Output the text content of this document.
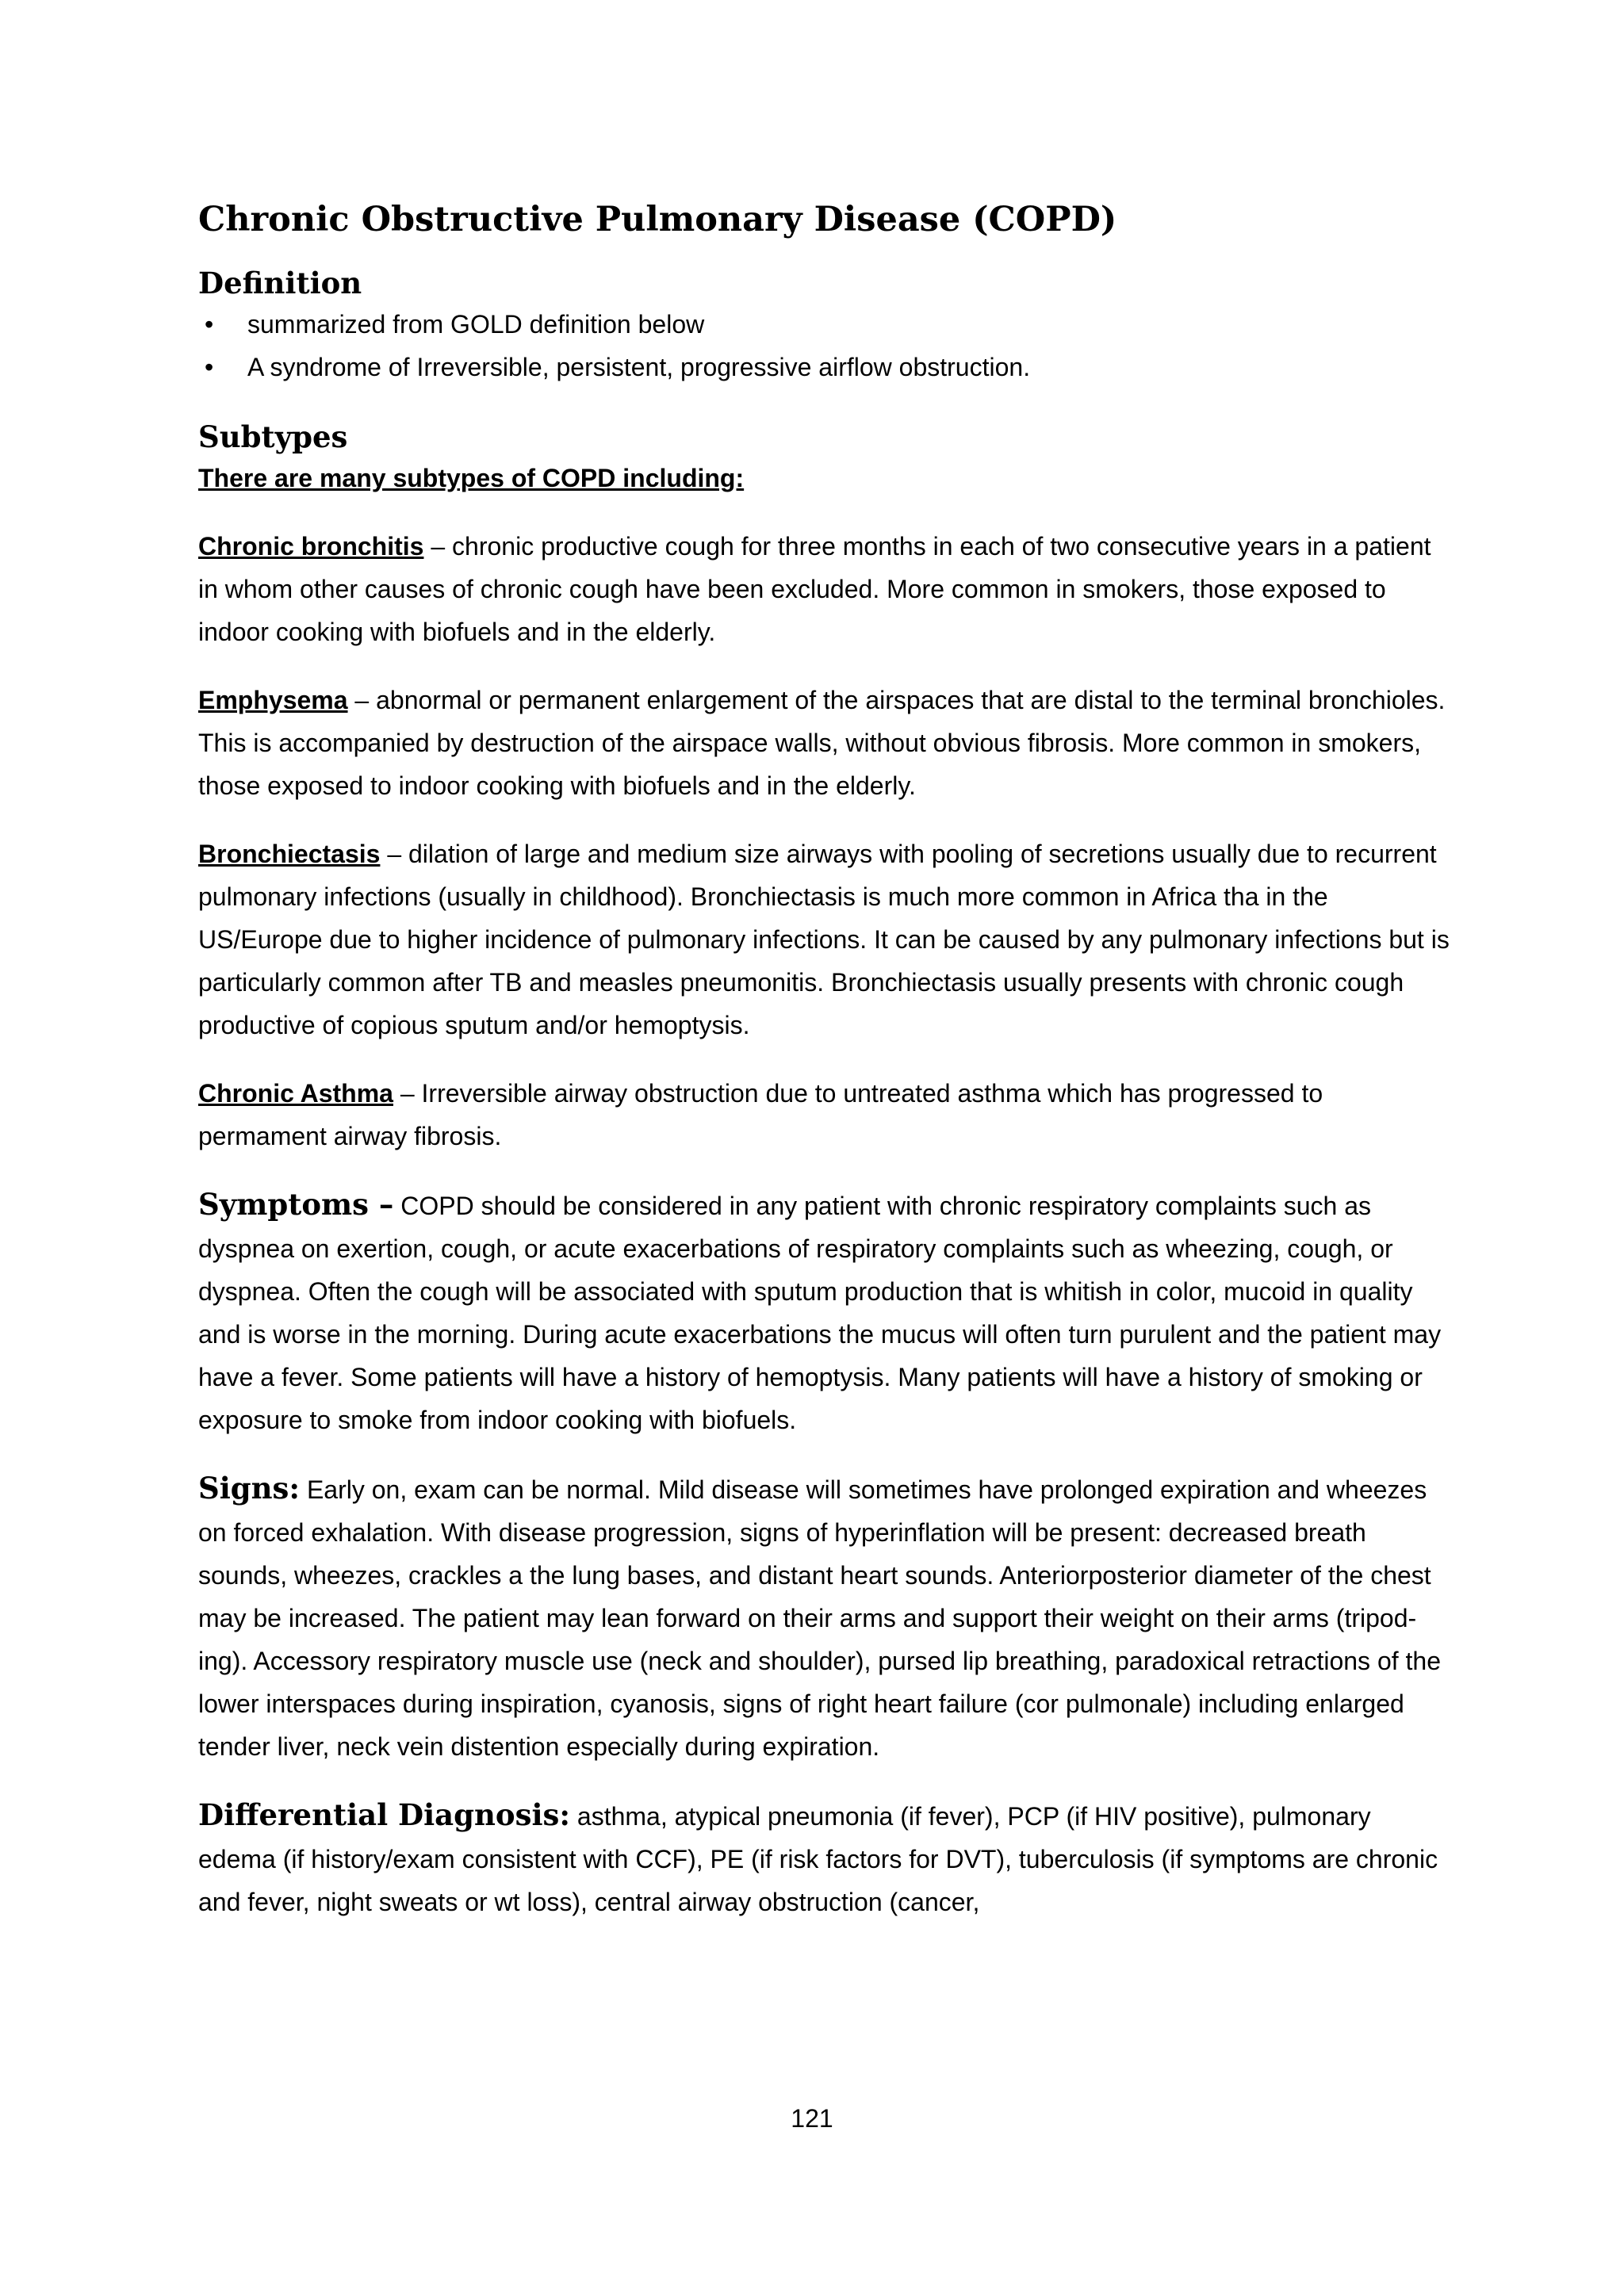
Chronic Obstructive Pulmonary Disease (COPD)
Definition
• summarized from GOLD definition below
• A syndrome of Irreversible, persistent, progressive airflow obstruction.
Subtypes

There are many subtypes of COPD including:

Chronic bronchitis – chronic productive cough for three months in each of two consecutive years in a patient in whom other causes of chronic cough have been excluded. More common in smokers, those exposed to indoor cooking with biofuels and in the elderly.

Emphysema – abnormal or permanent enlargement of the airspaces that are distal to the terminal bronchioles. This is accompanied by destruction of the airspace walls, without obvious fibrosis. More common in smokers, those exposed to indoor cooking with biofuels and in the elderly.

Bronchiectasis – dilation of large and medium size airways with pooling of secretions usually due to recurrent pulmonary infections (usually in childhood). Bronchiectasis is much more common in Africa tha in the US/Europe due to higher incidence of pulmonary infections. It can be caused by any pulmonary infections but is particularly common after TB and measles pneumonitis. Bronchiectasis usually presents with chronic cough productive of copious sputum and/or hemoptysis.

Chronic Asthma – Irreversible airway obstruction due to untreated asthma which has progressed to permament airway fibrosis.

Symptoms – COPD should be considered in any patient with chronic respiratory complaints such as dyspnea on exertion, cough, or acute exacerbations of respiratory complaints such as wheezing, cough, or dyspnea. Often the cough will be associated with sputum production that is whitish in color, mucoid in quality and is worse in the morning. During acute exacerbations the mucus will often turn purulent and the patient may have a fever. Some patients will have a history of hemoptysis. Many patients will have a history of smoking or exposure to smoke from indoor cooking with biofuels.

Signs: Early on, exam can be normal. Mild disease will sometimes have prolonged expiration and wheezes on forced exhalation. With disease progression, signs of hyperinflation will be present: decreased breath sounds, wheezes, crackles a the lung bases, and distant heart sounds. Anteriorposterior diameter of the chest may be increased. The patient may lean forward on their arms and support their weight on their arms (tripod-ing). Accessory respiratory muscle use (neck and shoulder), pursed lip breathing, paradoxical retractions of the lower interspaces during inspiration, cyanosis, signs of right heart failure (cor pulmonale) including enlarged tender liver, neck vein distention especially during expiration.

Differential Diagnosis: asthma, atypical pneumonia (if fever), PCP (if HIV positive), pulmonary edema (if history/exam consistent with CCF), PE (if risk factors for DVT), tuberculosis (if symptoms are chronic and fever, night sweats or wt loss), central airway obstruction (cancer,

121
